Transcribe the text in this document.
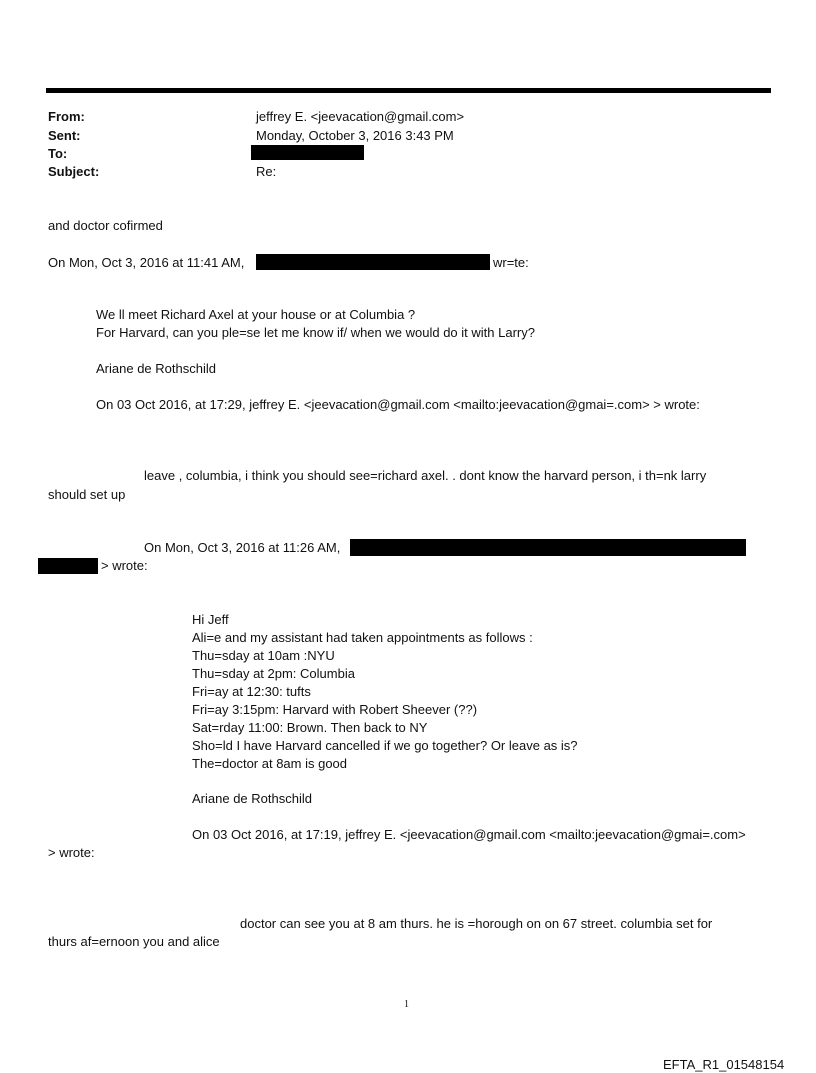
From:	jeffrey E. <jeevacation@gmail.com>
Sent:	Monday, October 3, 2016 3:43 PM
To:
Subject:	Re:
and doctor cofirmed
On Mon, Oct 3, 2016 at 11:41 AM,	wr=te:
We ll meet Richard Axel at your house or at Columbia ?
For Harvard, can you ple=se let me know if/ when we would do it with Larry?
Ariane de Rothschild
On 03 Oct 2016, at 17:29, jeffrey E. <jeevacation@gmail.com <mailto:jeevacation@gmai=.com> > wrote:
leave , columbia, i think you should see=richard axel. . dont know the harvard person, i th=nk larry
should set up
On Mon, Oct 3, 2016 at 11:26 AM,
> wrote:
Hi Jeff
Ali=e and my assistant had taken appointments as follows :
Thu=sday at 10am :NYU
Thu=sday at 2pm: Columbia
Fri=ay at 12:30: tufts
Fri=ay 3:15pm: Harvard with Robert Sheever (??)
Sat=rday 11:00: Brown. Then back to NY
Sho=ld I have Harvard cancelled if we go together? Or leave as is?
The=doctor at 8am is good
Ariane de Rothschild
On 03 Oct 2016, at 17:19, jeffrey E. <jeevacation@gmail.com <mailto:jeevacation@gmai=.com>
> wrote:
doctor can see you at 8 am thurs. he is =horough on on 67 street. columbia set for
thurs af=ernoon you and alice
1
EFTA_R1_01548154
